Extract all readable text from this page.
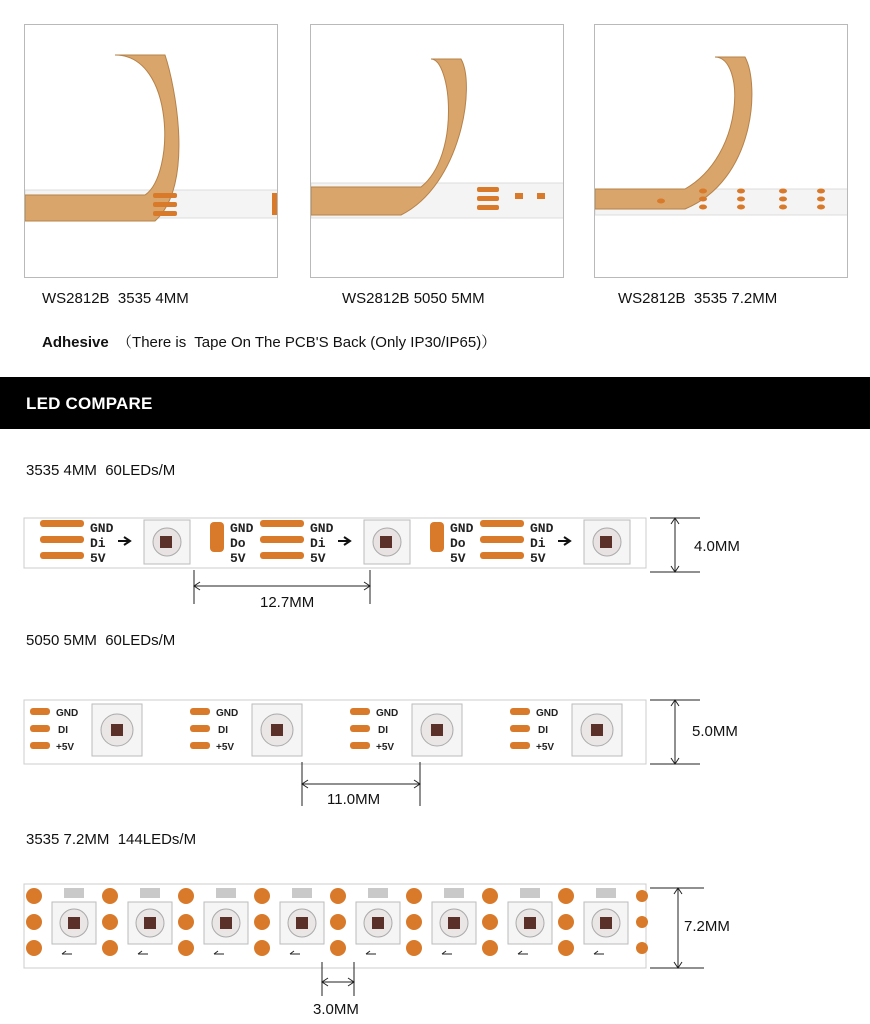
WS2812B 3535 4MM	WS2812B 5050 5MM	WS2812B 3535 7.2MM
Adhesive （There is  Tape On The PCB'S Back (Only IP30/IP65)）
LED COMPARE
3535 4MM  60LEDs/M
GND
Di
5V
GND
Do
5V
GND
Di
5V
GND
Do
5V
GND
Di
5V
4.0MM
12.7MM
5050 5MM  60LEDs/M
GND
DI
+5V
GND
DI
+5V
GND
DI
+5V
GND
DI
+5V
5.0MM
11.0MM
3535 7.2MM  144LEDs/M
7.2MM
3.0MM
